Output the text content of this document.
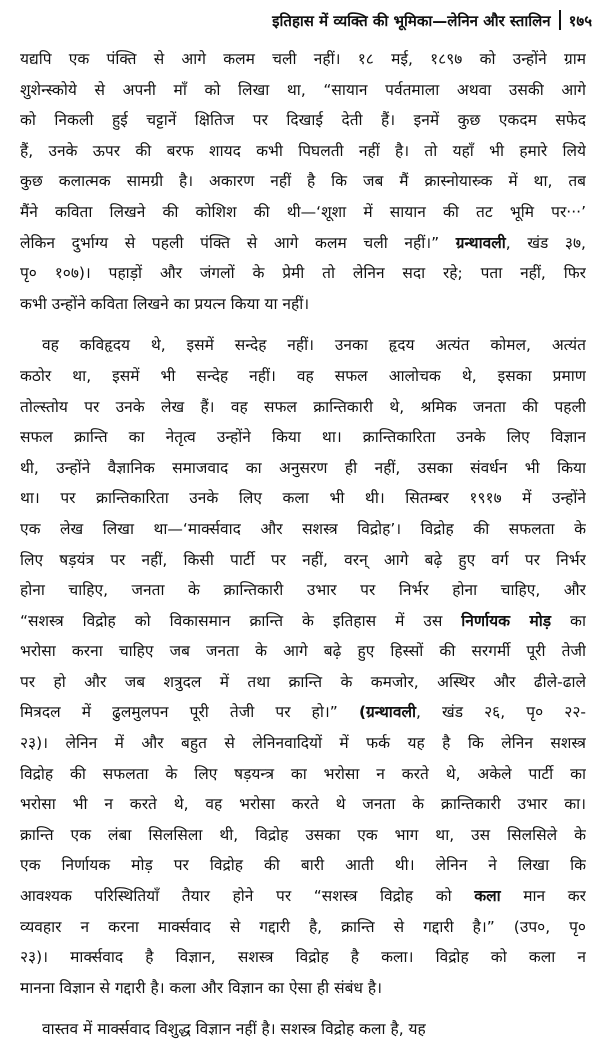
इतिहास में व्यक्ति की भूमिका—लेनिन और स्तालिन १७५

यद्यपि एक पंक्ति से आगे कलम चली नहीं। १८ मई, १८९७ को उन्होंने ग्राम
शुशेन्स्कोये से अपनी माँ को लिखा था, “सायान पर्वतमाला अथवा उसकी आगे
को निकली हुई चट्टानें क्षितिज पर दिखाई देती हैं। इनमें कुछ एकदम सफेद
हैं, उनके ऊपर की बरफ शायद कभी पिघलती नहीं है। तो यहाँ भी हमारे लिये
कुछ कलात्मक सामग्री है। अकारण नहीं है कि जब मैं क्रास्नोयास्र्क में था, तब
मैंने कविता लिखने की कोशिश की थी—‘शूशा में सायान की तट भूमि पर···’
लेकिन दुर्भाग्य से पहली पंक्ति से आगे कलम चली नहीं।” ग्रन्थावली, खंड ३७,
पृ० १०७)। पहाड़ों और जंगलों के प्रेमी तो लेनिन सदा रहे; पता नहीं, फिर
कभी उन्होंने कविता लिखने का प्रयत्न किया या नहीं।

वह कविहृदय थे, इसमें सन्देह नहीं। उनका हृदय अत्यंत कोमल, अत्यंत
कठोर था, इसमें भी सन्देह नहीं। वह सफल आलोचक थे, इसका प्रमाण
तोल्स्तोय पर उनके लेख हैं। वह सफल क्रान्तिकारी थे, श्रमिक जनता की पहली
सफल क्रान्ति का नेतृत्व उन्होंने किया था। क्रान्तिकारिता उनके लिए विज्ञान
थी, उन्होंने वैज्ञानिक समाजवाद का अनुसरण ही नहीं, उसका संवर्धन भी किया
था। पर क्रान्तिकारिता उनके लिए कला भी थी। सितम्बर १९१७ में उन्होंने
एक लेख लिखा था—‘मार्क्सवाद और सशस्त्र विद्रोह’। विद्रोह की सफलता के
लिए षड़यंत्र पर नहीं, किसी पार्टी पर नहीं, वरन् आगे बढ़े हुए वर्ग पर निर्भर
होना चाहिए, जनता के क्रान्तिकारी उभार पर निर्भर होना चाहिए, और
“सशस्त्र विद्रोह को विकासमान क्रान्ति के इतिहास में उस निर्णायक मोड़ का
भरोसा करना चाहिए जब जनता के आगे बढ़े हुए हिस्सों की सरगर्मी पूरी तेजी
पर हो और जब शत्रुदल में तथा क्रान्ति के कमजोर, अस्थिर और ढीले-ढाले
मित्रदल में ढुलमुलपन पूरी तेजी पर हो।” (ग्रन्थावली, खंड २६, पृ० २२-
२३)। लेनिन में और बहुत से लेनिनवादियों में फर्क यह है कि लेनिन सशस्त्र
विद्रोह की सफलता के लिए षड़यन्त्र का भरोसा न करते थे, अकेले पार्टी का
भरोसा भी न करते थे, वह भरोसा करते थे जनता के क्रान्तिकारी उभार का।
क्रान्ति एक लंबा सिलसिला थी, विद्रोह उसका एक भाग था, उस सिलसिले के
एक निर्णायक मोड़ पर विद्रोह की बारी आती थी। लेनिन ने लिखा कि
आवश्यक परिस्थितियाँ तैयार होने पर “सशस्त्र विद्रोह को कला मान कर
व्यवहार न करना मार्क्सवाद से गद्दारी है, क्रान्ति से गद्दारी है।” (उप०, पृ०
२३)। मार्क्सवाद है विज्ञान, सशस्त्र विद्रोह है कला। विद्रोह को कला न
मानना विज्ञान से गद्दारी है। कला और विज्ञान का ऐसा ही संबंध है।

वास्तव में मार्क्सवाद विशुद्ध विज्ञान नहीं है। सशस्त्र विद्रोह कला है, यह
